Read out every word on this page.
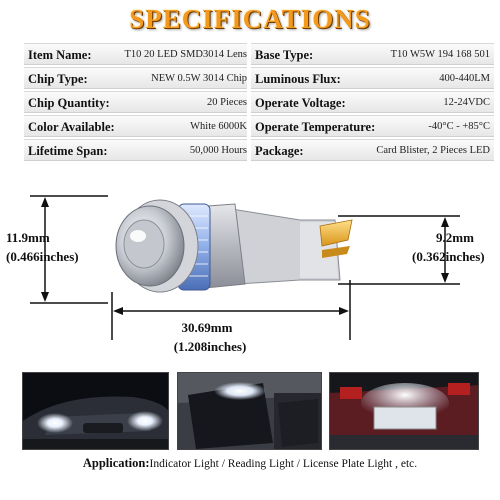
SPECIFICATIONS
Item Name:	T10 20 LED SMD3014 Lens Base Type:	T10 W5W 194 168 501
Chip Type:	NEW 0.5W 3014 Chip Luminous Flux:	400-440LM
Chip Quantity:	20 Pieces Operate Voltage:	12-24VDC
Color Available:	White 6000K Operate Temperature:	-40°C - +85°C
Lifetime Span:	50,000 Hours Package:	Card Blister, 2 Pieces LED
11.9mm
(0.466inches)
9.2mm
(0.362inches)
30.69mm
(1.208inches)
Application:Indicator Light / Reading Light / License Plate Light , etc.
